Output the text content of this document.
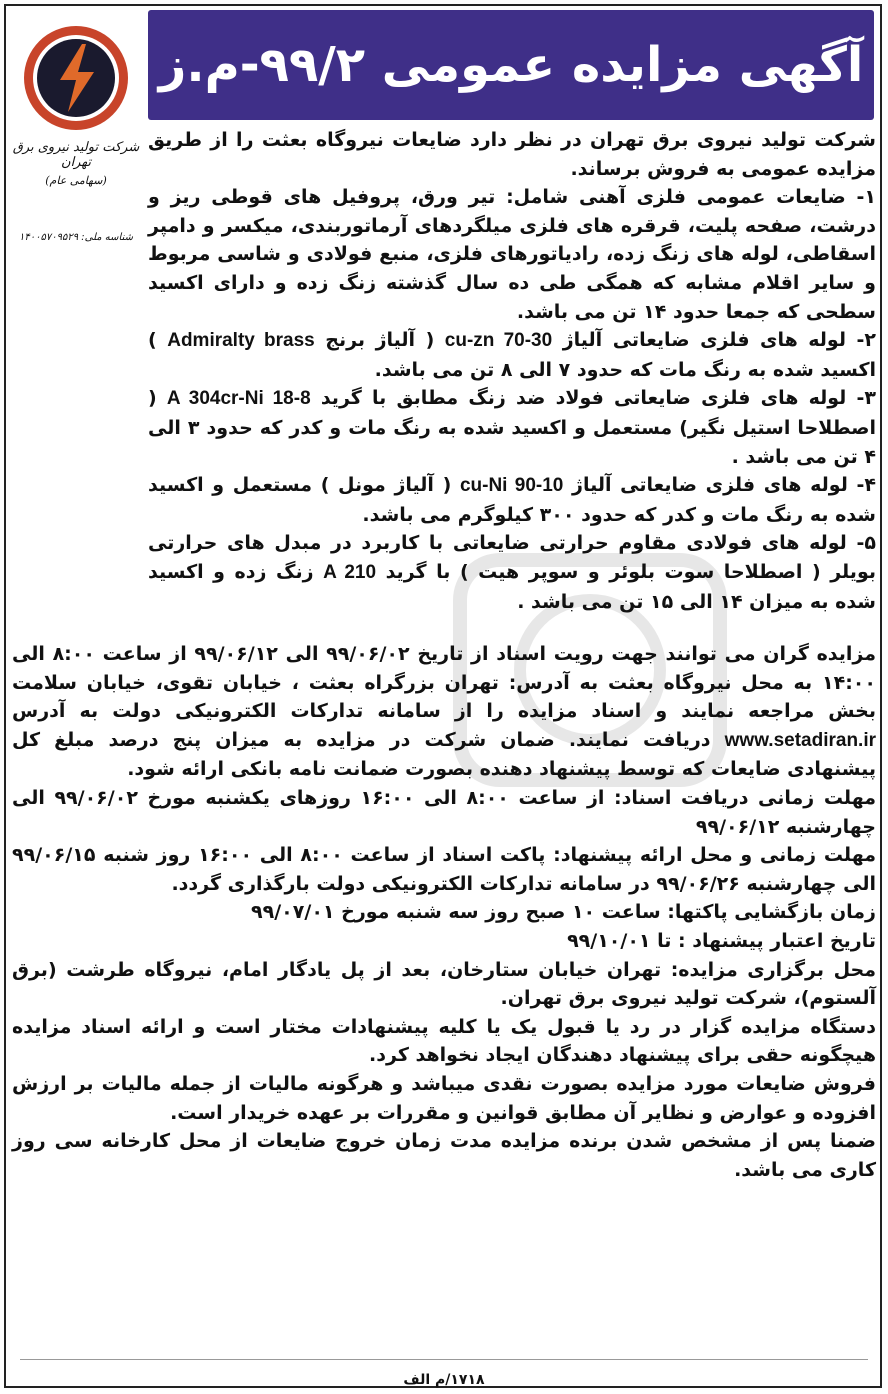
آگهی مزایده عمومی ۹۹/۲-م.ز
شرکت تولید نیروی برق تهران
(سهامی عام)
شناسه ملی: ۱۴۰۰۵۷۰۹۵۲۹

شرکت تولید نیروی برق تهران در نظر دارد ضایعات نیروگاه بعثت را از طریق مزایده عمومی به فروش برساند.

۱- ضایعات عمومی فلزی آهنی شامل: تیر ورق، پروفیل های قوطی ریز و درشت، صفحه پلیت، قرقره های فلزی میلگردهای آرماتوربندی، میکسر و دامپر اسقاطی، لوله های زنگ زده، رادیاتورهای فلزی، منبع فولادی و شاسی مربوط و سایر اقلام مشابه که همگی طی ده سال گذشته زنگ زده و دارای اکسید سطحی که جمعا حدود ۱۴ تن می باشد.

۲- لوله های فلزی ضایعاتی آلیاژ cu-zn 70-30 ( آلیاژ برنج Admiralty brass ) اکسید شده به رنگ مات که حدود ۷ الی ۸ تن می باشد.

۳- لوله های فلزی ضایعاتی فولاد ضد زنگ مطابق با گرید A 304cr-Ni 18-8 ( اصطلاحا استیل نگیر) مستعمل و اکسید شده به رنگ مات و کدر که حدود ۳ الی ۴ تن می باشد .

۴- لوله های فلزی ضایعاتی آلیاژ cu-Ni 90-10 ( آلیاژ مونل ) مستعمل و اکسید شده به رنگ مات و کدر که حدود ۳۰۰ کیلوگرم می باشد.

۵- لوله های فولادی مقاوم حرارتی ضایعاتی با کاربرد در مبدل های حرارتی بویلر ( اصطلاحا سوت بلوئر و سوپر هیت ) با گرید A 210 زنگ زده و اکسید شده به میزان ۱۴ الی ۱۵ تن می باشد .

مزایده گران می توانند جهت رویت اسناد از تاریخ ۹۹/۰۶/۰۲ الی ۹۹/۰۶/۱۲ از ساعت ۸:۰۰ الی ۱۴:۰۰ به محل نیروگاه بعثت به آدرس: تهران بزرگراه بعثت ، خیابان تقوی، خیابان سلامت بخش مراجعه نمایند و اسناد مزایده را از سامانه تدارکات الکترونیکی دولت به آدرس www.setadiran.ir دریافت نمایند. ضمان شرکت در مزایده به میزان پنج درصد مبلغ کل پیشنهادی ضایعات که توسط پیشنهاد دهنده بصورت ضمانت نامه بانکی ارائه شود.

مهلت زمانی دریافت اسناد: از ساعت ۸:۰۰ الی ۱۶:۰۰ روزهای یکشنبه مورخ ۹۹/۰۶/۰۲ الی چهارشنبه ۹۹/۰۶/۱۲

مهلت زمانی و محل ارائه پیشنهاد: پاکت اسناد از ساعت ۸:۰۰ الی ۱۶:۰۰ روز شنبه ۹۹/۰۶/۱۵ الی چهارشنبه ۹۹/۰۶/۲۶ در سامانه تدارکات الکترونیکی دولت بارگذاری گردد.

زمان بازگشایی پاکتها: ساعت ۱۰ صبح روز سه شنبه مورخ ۹۹/۰۷/۰۱

تاریخ اعتبار پیشنهاد : تا ۹۹/۱۰/۰۱

محل برگزاری مزایده: تهران خیابان ستارخان، بعد از پل یادگار امام، نیروگاه طرشت (برق آلستوم)، شرکت تولید نیروی برق تهران.

دستگاه مزایده گزار در رد یا قبول یک یا کلیه پیشنهادات مختار است و ارائه اسناد مزایده هیچگونه حقی برای پیشنهاد دهندگان ایجاد نخواهد کرد.

فروش ضایعات مورد مزایده بصورت نقدی میباشد و هرگونه مالیات از جمله مالیات بر ارزش افزوده و عوارض و نظایر آن مطابق قوانین و مقررات بر عهده خریدار است.

ضمنا پس از مشخص شدن برنده مزایده مدت زمان خروج ضایعات از محل کارخانه سی روز کاری می باشد.

۱۷۱۸/م الف
